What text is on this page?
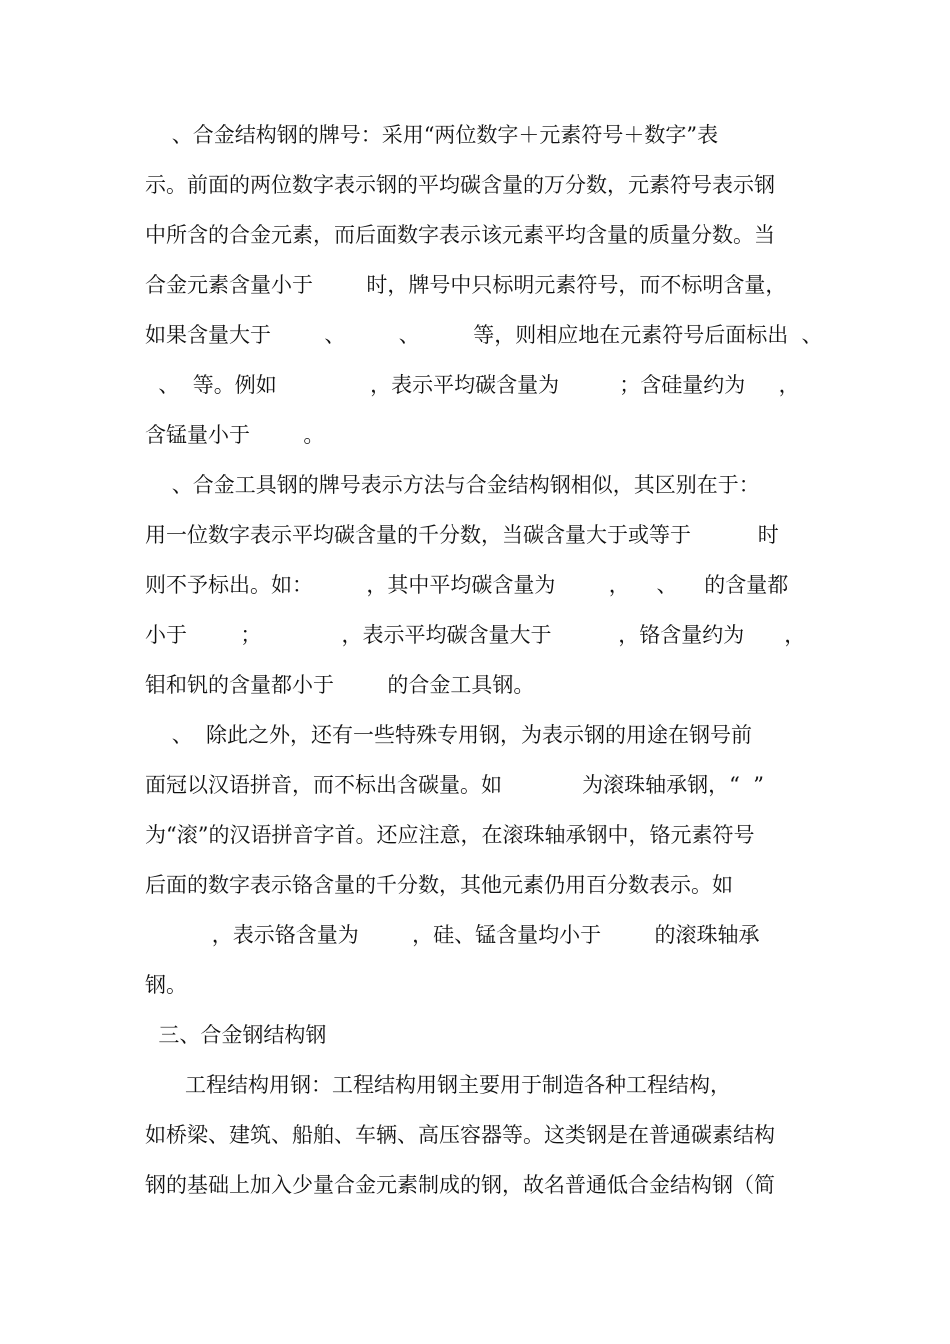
、合金结构钢的牌号：采用“两位数字＋元素符号＋数字”表

示。前面的两位数字表示钢的平均碳含量的万分数，元素符号表示钢

中所含的合金元素，而后面数字表示该元素平均含量的质量分数。当

合金元素含量小于        时，牌号中只标明元素符号，而不标明含量，

如果含量大于        、        、        等，则相应地在元素符号后面标出  、

、  等。例如              ，表示平均碳含量为         ；含硅量约为     ，

含锰量小于        。

、合金工具钢的牌号表示方法与合金结构钢相似，其区别在于：

用一位数字表示平均碳含量的千分数，当碳含量大于或等于          时

则不予标出。如：        ，其中平均碳含量为        ，    、    的含量都

小于        ；            ，表示平均碳含量大于          ，铬含量约为      ，

钼和钒的含量都小于        的合金工具钢。

、  除此之外，还有一些特殊专用钢，为表示钢的用途在钢号前

面冠以汉语拼音，而不标出含碳量。如            为滚珠轴承钢，“  ”

为“滚”的汉语拼音字首。还应注意，在滚珠轴承钢中，铬元素符号

后面的数字表示铬含量的千分数，其他元素仍用百分数表示。如

，表示铬含量为        ，硅、锰含量均小于        的滚珠轴承

钢。

三、合金钢结构钢

工程结构用钢：工程结构用钢主要用于制造各种工程结构，

如桥梁、建筑、船舶、车辆、高压容器等。这类钢是在普通碳素结构

钢的基础上加入少量合金元素制成的钢，故名普通低合金结构钢（简
